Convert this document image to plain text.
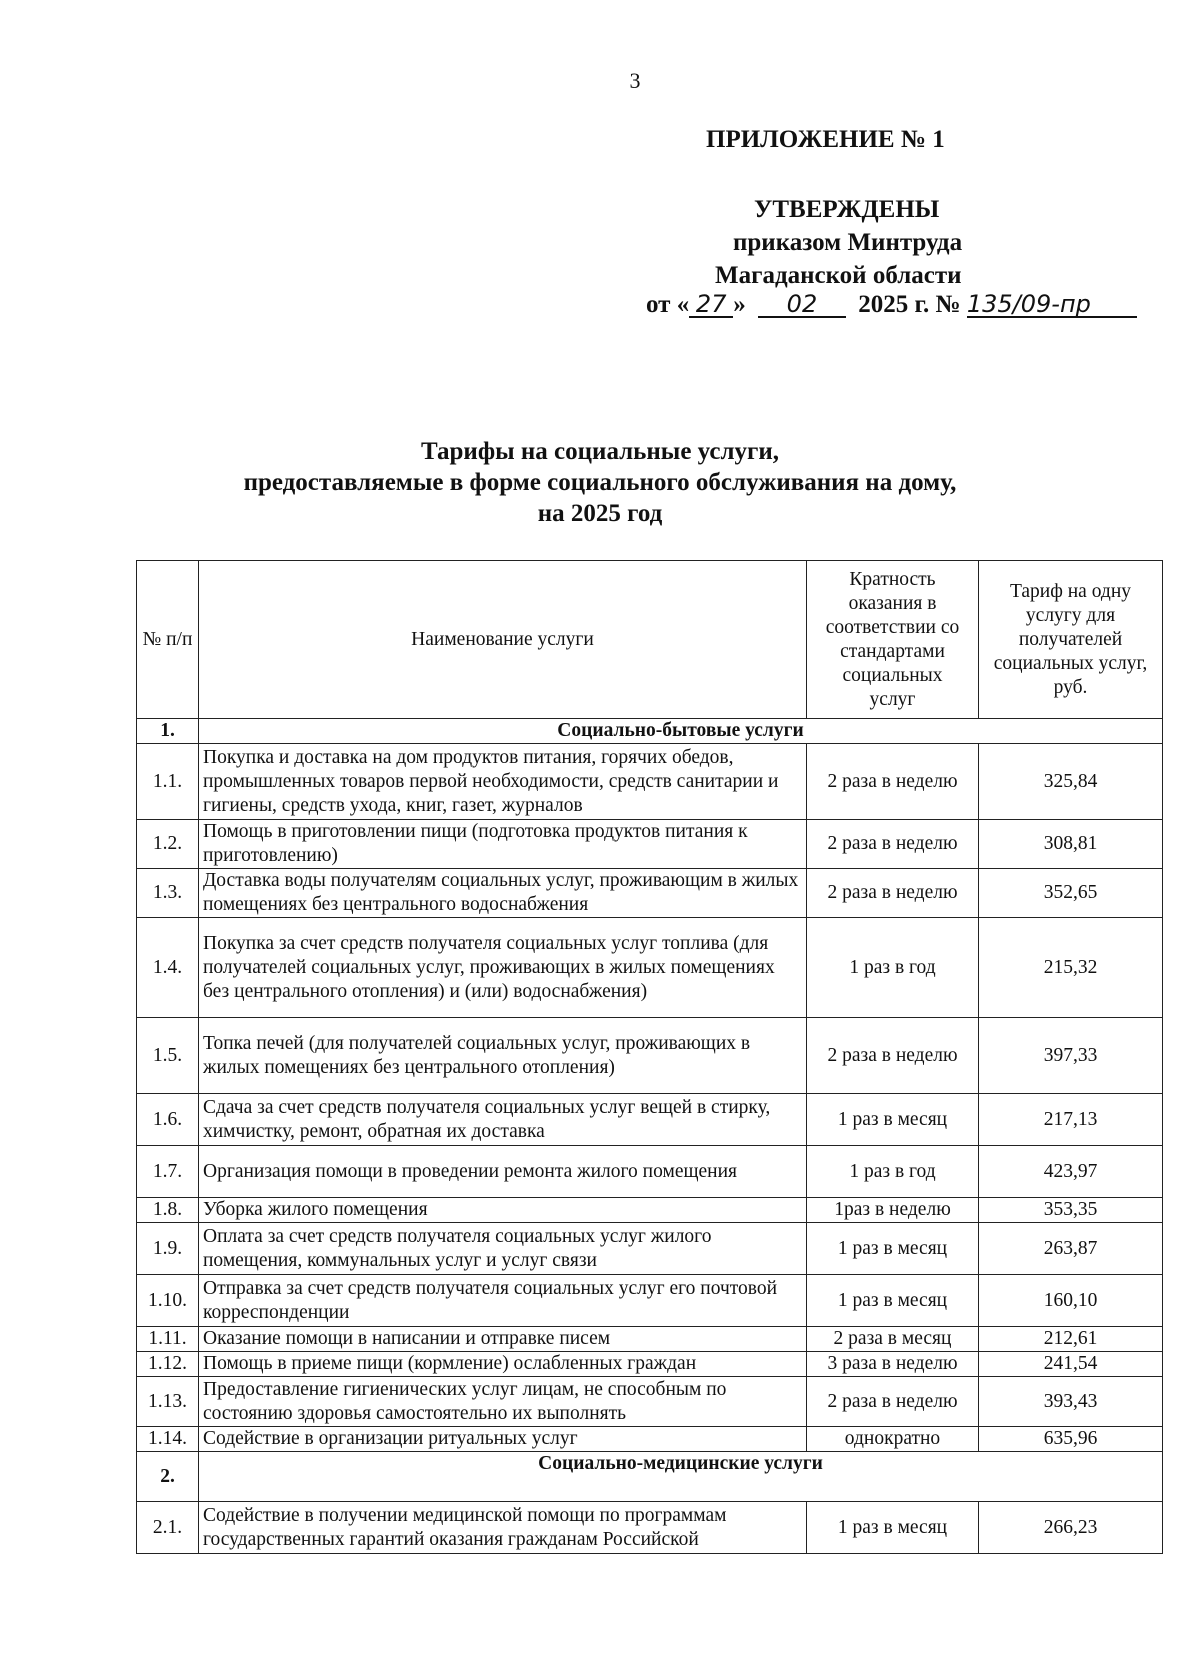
3
ПРИЛОЖЕНИЕ № 1
УТВЕРЖДЕНЫ
приказом Минтруда
Магаданской области
от « 27 » 02 2025 г. № 135/09-пр
Тарифы на социальные услуги,
предоставляемые в форме социального обслуживания на дому,
на 2025 год
№ п/п	Наименование услуги	Кратность оказания в соответствии со стандартами социальных услуг	Тариф на одну услугу для получателей социальных услуг, руб.
1.	Социально-бытовые услуги		
1.1.	Покупка и доставка на дом продуктов питания, горячих обедов, промышленных товаров первой необходимости, средств санитарии и гигиены, средств ухода, книг, газет, журналов	2 раза в неделю	325,84
1.2.	Помощь в приготовлении пищи (подготовка продуктов питания к приготовлению)	2 раза в неделю	308,81
1.3.	Доставка воды получателям социальных услуг, проживающим в жилых помещениях без центрального водоснабжения	2 раза в неделю	352,65
1.4.	Покупка за счет средств получателя социальных услуг топлива (для получателей социальных услуг, проживающих в жилых помещениях без центрального отопления) и (или) водоснабжения)	1 раз в год	215,32
1.5.	Топка печей (для получателей социальных услуг, проживающих в жилых помещениях без центрального отопления)	2 раза в неделю	397,33
1.6.	Сдача за счет средств получателя социальных услуг вещей в стирку, химчистку, ремонт, обратная их доставка	1 раз в месяц	217,13
1.7.	Организация помощи в проведении ремонта жилого помещения	1 раз в год	423,97
1.8.	Уборка жилого помещения	1раз в неделю	353,35
1.9.	Оплата за счет средств получателя социальных услуг жилого помещения, коммунальных услуг и услуг связи	1 раз в месяц	263,87
1.10.	Отправка за счет средств получателя социальных услуг его почтовой корреспонденции	1 раз в месяц	160,10
1.11.	Оказание помощи в написании и отправке писем	2 раза в месяц	212,61
1.12.	Помощь в приеме пищи (кормление) ослабленных граждан	3 раза в неделю	241,54
1.13.	Предоставление гигиенических услуг лицам, не способным по состоянию здоровья самостоятельно их выполнять	2 раза в неделю	393,43
1.14.	Содействие в организации ритуальных услуг	однократно	635,96
2.	Социально-медицинские услуги		
2.1.	Содействие в получении медицинской помощи по программам государственных гарантий оказания гражданам Российской	1 раз в месяц	266,23
